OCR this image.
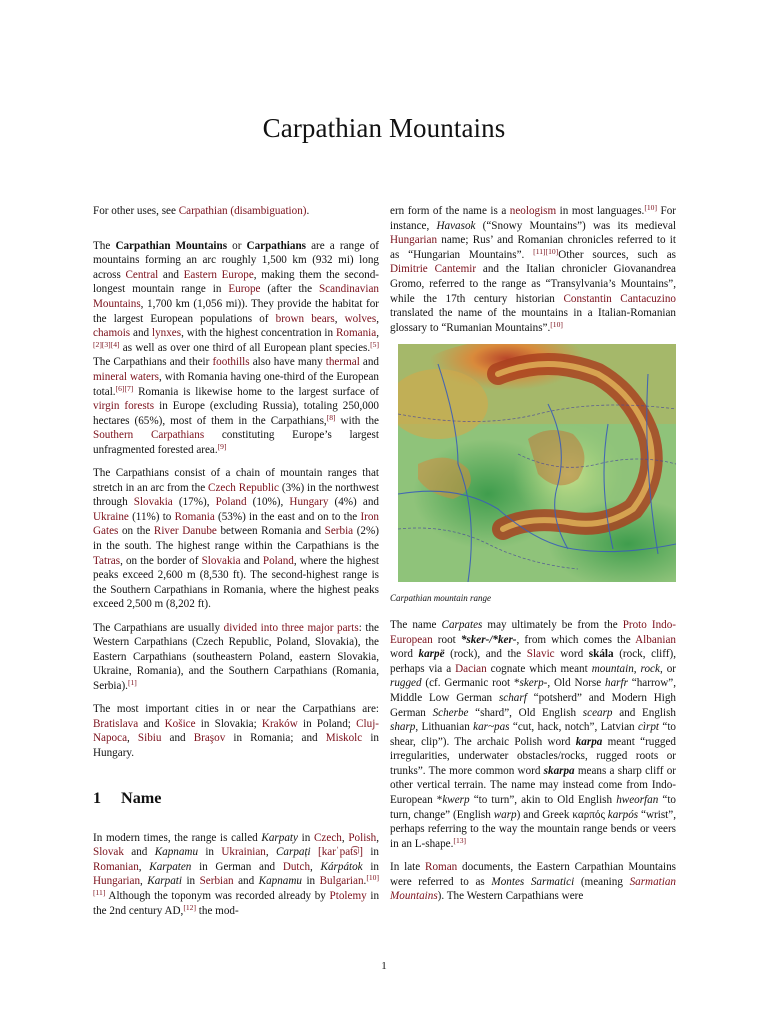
Carpathian Mountains

For other uses, see Carpathian (disambiguation).

The Carpathian Mountains or Carpathians are a range of mountains forming an arc roughly 1,500 km (932 mi) long across Central and Eastern Europe, making them the second-longest mountain range in Europe (after the Scandinavian Mountains, 1,700 km (1,056 mi)). They provide the habitat for the largest European populations of brown bears, wolves, chamois and lynxes, with the highest concentration in Romania,[2][3][4] as well as over one third of all European plant species.[5] The Carpathians and their foothills also have many thermal and mineral waters, with Romania having one-third of the European total.[6][7] Romania is likewise home to the largest surface of virgin forests in Europe (excluding Russia), totaling 250,000 hectares (65%), most of them in the Carpathians,[8] with the Southern Carpathians constituting Europe’s largest unfragmented forested area.[9]

The Carpathians consist of a chain of mountain ranges that stretch in an arc from the Czech Republic (3%) in the northwest through Slovakia (17%), Poland (10%), Hungary (4%) and Ukraine (11%) to Romania (53%) in the east and on to the Iron Gates on the River Danube between Romania and Serbia (2%) in the south. The highest range within the Carpathians is the Tatras, on the border of Slovakia and Poland, where the highest peaks exceed 2,600 m (8,530 ft). The second-highest range is the Southern Carpathians in Romania, where the highest peaks exceed 2,500 m (8,202 ft).

The Carpathians are usually divided into three major parts: the Western Carpathians (Czech Republic, Poland, Slovakia), the Eastern Carpathians (southeastern Poland, eastern Slovakia, Ukraine, Romania), and the Southern Carpathians (Romania, Serbia).[1]

The most important cities in or near the Carpathians are: Bratislava and Košice in Slovakia; Kraków in Poland; Cluj-Napoca, Sibiu and Braşov in Romania; and Miskolc in Hungary.

1 Name

In modern times, the range is called Karpaty in Czech, Polish, Slovak and Kapnamu in Ukrainian, Carpați [karˈpat͡sʲ] in Romanian, Karpaten in German and Dutch, Kárpátok in Hungarian, Karpati in Serbian and Kapnamu in Bulgarian.[10][11] Although the toponym was recorded already by Ptolemy in the 2nd century AD,[12] the mod-

ern form of the name is a neologism in most languages.[10] For instance, Havasok (“Snowy Mountains”) was its medieval Hungarian name; Rus’ and Romanian chronicles referred to it as “Hungarian Mountains”. [11][10]Other sources, such as Dimitrie Cantemir and the Italian chronicler Giovanandrea Gromo, referred to the range as “Transylvania’s Mountains”, while the 17th century historian Constantin Cantacuzino translated the name of the mountains in a Italian-Romanian glossary to “Rumanian Mountains”.[10]

Carpathian mountain range

The name Carpates may ultimately be from the Proto Indo-European root *sker-/*ker-, from which comes the Albanian word karpë (rock), and the Slavic word skála (rock, cliff), perhaps via a Dacian cognate which meant mountain, rock, or rugged (cf. Germanic root *skerp-, Old Norse harfr “harrow”, Middle Low German scharf “potsherd” and Modern High German Scherbe “shard”, Old English scearp and English sharp, Lithuanian kar~pas “cut, hack, notch”, Latvian cìrpt “to shear, clip”). The archaic Polish word karpa meant “rugged irregularities, underwater obstacles/rocks, rugged roots or trunks”. The more common word skarpa means a sharp cliff or other vertical terrain. The name may instead come from Indo-European *kwerp “to turn”, akin to Old English hweorfan “to turn, change” (English warp) and Greek καρπός karpós “wrist”, perhaps referring to the way the mountain range bends or veers in an L-shape.[13]

In late Roman documents, the Eastern Carpathian Mountains were referred to as Montes Sarmatici (meaning Sarmatian Mountains). The Western Carpathians were

1
